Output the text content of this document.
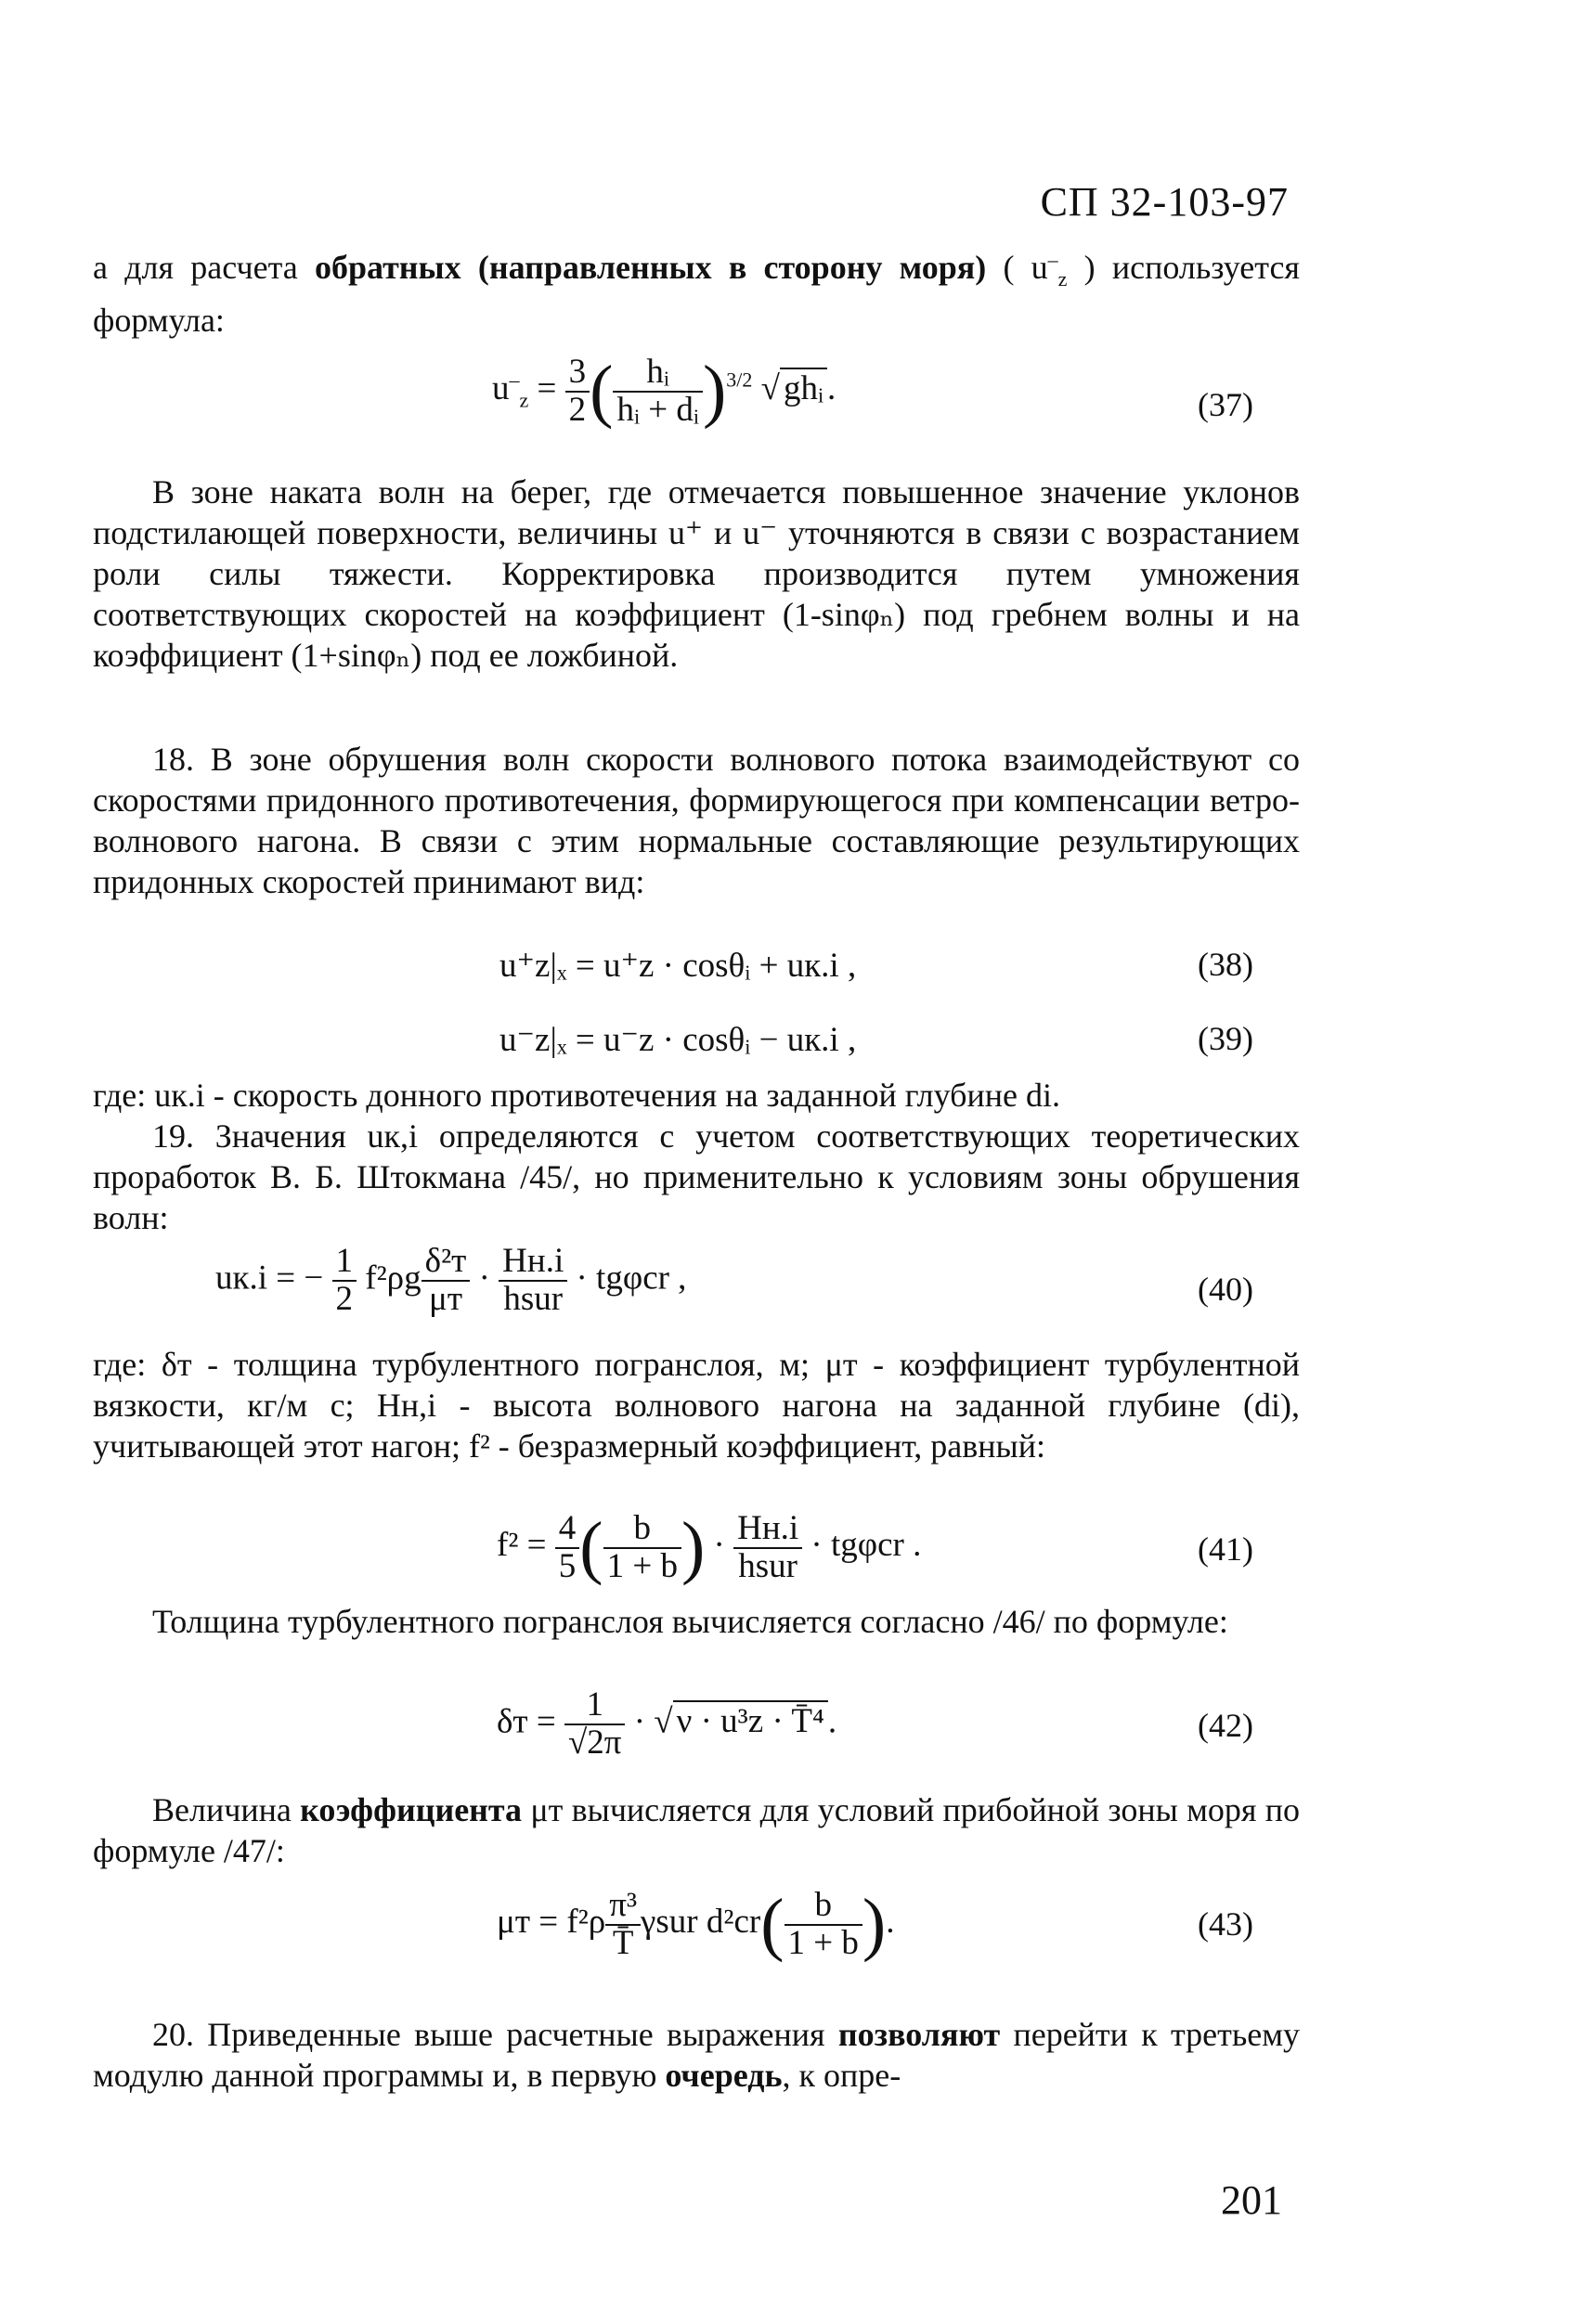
СП 32-103-97

а для расчета обратных (направленных в сторону моря) ( $u^-_z$ ) используется формула:

$u^-_z = \frac{3}{2}$ ( $\frac{\text{hᵢ}}{\text{hᵢ + dᵢ}} )^{3/2}$ √ ghᵢ .	(37)

В зоне наката волн на берег, где отмечается повышенное значение уклонов подстилающей поверхности, величины u⁺ и u⁻ уточняются в связи с возрастанием роли силы тяжести. Корректировка производится путем умножения соответствующих скоростей на коэффициент (1-sinφₙ) под гребнем волны и на коэффициент (1+sinφₙ) под ее ложбиной.

18. В зоне обрушения волн скорости волнового потока взаимодействуют со скоростями придонного противотечения, формирующегося при компенсации ветро-волнового нагона. В связи с этим нормальные составляющие результирующих придонных скоростей принимают вид:

u⁺z|ₓ = u⁺z · cosθᵢ + uк.i ,	(38)
u⁻z|ₓ = u⁻z · cosθᵢ − uк.i ,	(39)

где: uк.i - скорость донного противотечения на заданной глубине di.

19. Значения uк,i определяются с учетом соответствующих теоретических проработок В. Б. Штокмана /45/, но применительно к условиям зоны обрушения волн:

uк.i = − $\frac{1}{2} f^2\rho g \frac{\text{δ²т}}{\mu т} \cdot \frac{Hн.i}{\text{hsur}} \cdot tg\varphi cr$ ,	(40)

где: δт - толщина турбулентного погранслоя, м; μт - коэффициент турбулентной вязкости, кг/м с; Hн,i - высота волнового нагона на заданной глубине (di), учитывающей этот нагон; f² - безразмерный коэффициент, равный:

$f^2 = \frac{4}{5}$ ( $\frac{b}{1 + b}$ ) · $\frac{Hн.i}{\text{hsur}} \cdot tg\varphi cr$ .	(41)

Толщина турбулентного погранслоя вычисляется согласно /46/ по формуле:

$\delta т = \frac{1}{√2\pi}$ · √ ν · u³z · T̄⁴ .	(42)

Величина коэффициента μт вычисляется для условий прибойной зоны моря по формуле /47/:

$\mu т = f^2\rho \frac{\text{π³}}{T̄}$ γsur $d^2cr( \frac{b}{1 + b}$ ).	(43)

20. Приведенные выше расчетные выражения позволяют перейти к третьему модулю данной программы и, в первую очередь, к опре-

201
